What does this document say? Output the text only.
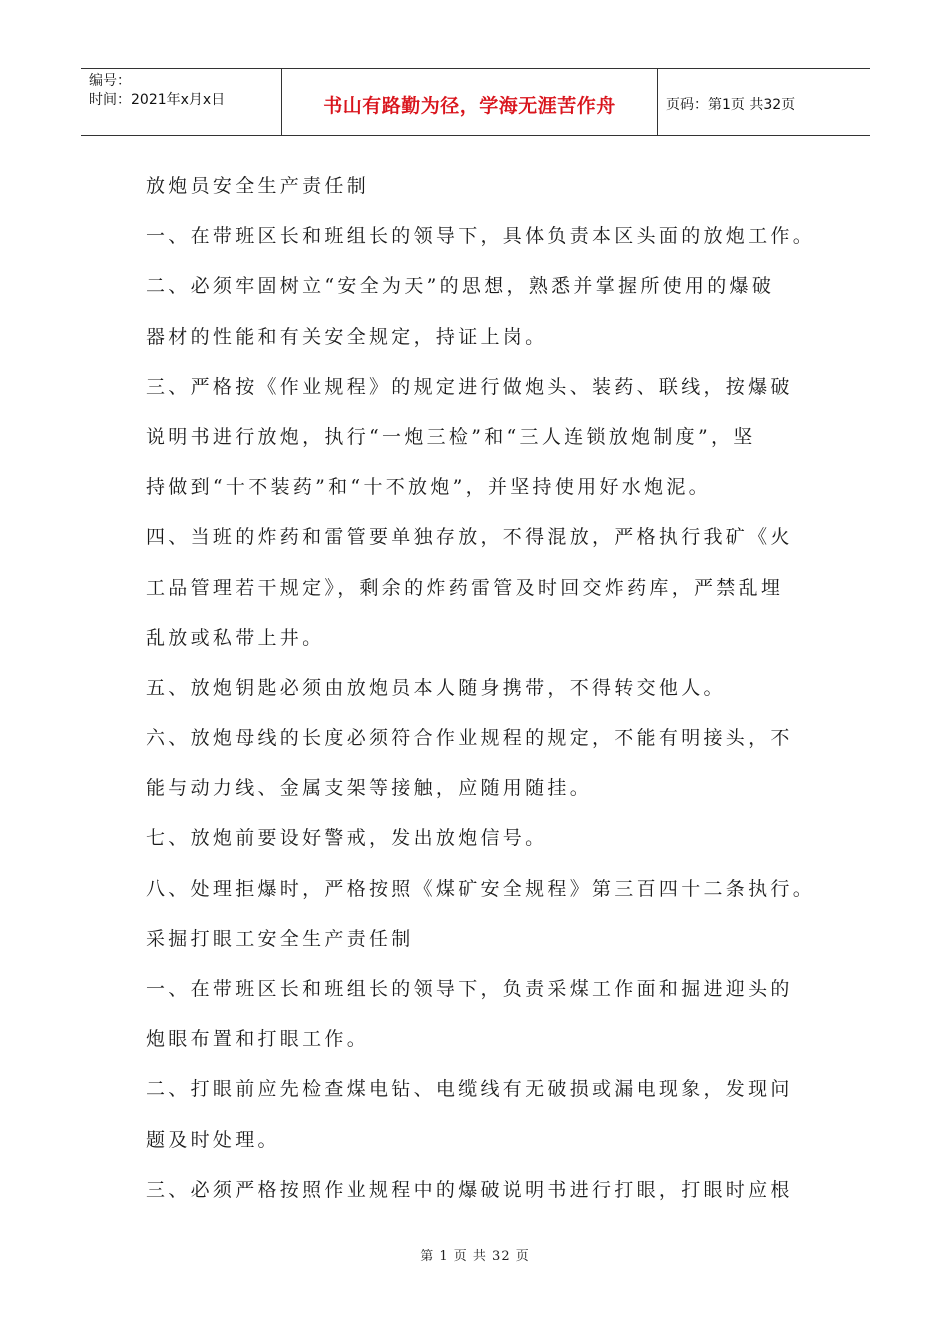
编号：
时间：2021年x月x日	书山有路勤为径，学海无涯苦作舟	页码：第1页 共32页
放炮员安全生产责任制
一、在带班区长和班组长的领导下，具体负责本区头面的放炮工作。
二、必须牢固树立“安全为天”的思想，熟悉并掌握所使用的爆破
器材的性能和有关安全规定，持证上岗。
三、严格按《作业规程》的规定进行做炮头、装药、联线，按爆破
说明书进行放炮，执行“一炮三检”和“三人连锁放炮制度”，坚
持做到“十不装药”和“十不放炮”，并坚持使用好水炮泥。
四、当班的炸药和雷管要单独存放，不得混放，严格执行我矿《火
工品管理若干规定》，剩余的炸药雷管及时回交炸药库，严禁乱埋
乱放或私带上井。
五、放炮钥匙必须由放炮员本人随身携带，不得转交他人。
六、放炮母线的长度必须符合作业规程的规定，不能有明接头，不
能与动力线、金属支架等接触，应随用随挂。
七、放炮前要设好警戒，发出放炮信号。
八、处理拒爆时，严格按照《煤矿安全规程》第三百四十二条执行。
采掘打眼工安全生产责任制
一、在带班区长和班组长的领导下，负责采煤工作面和掘进迎头的
炮眼布置和打眼工作。
二、打眼前应先检查煤电钻、电缆线有无破损或漏电现象，发现问
题及时处理。
三、必须严格按照作业规程中的爆破说明书进行打眼，打眼时应根
第 1 页 共 32 页
